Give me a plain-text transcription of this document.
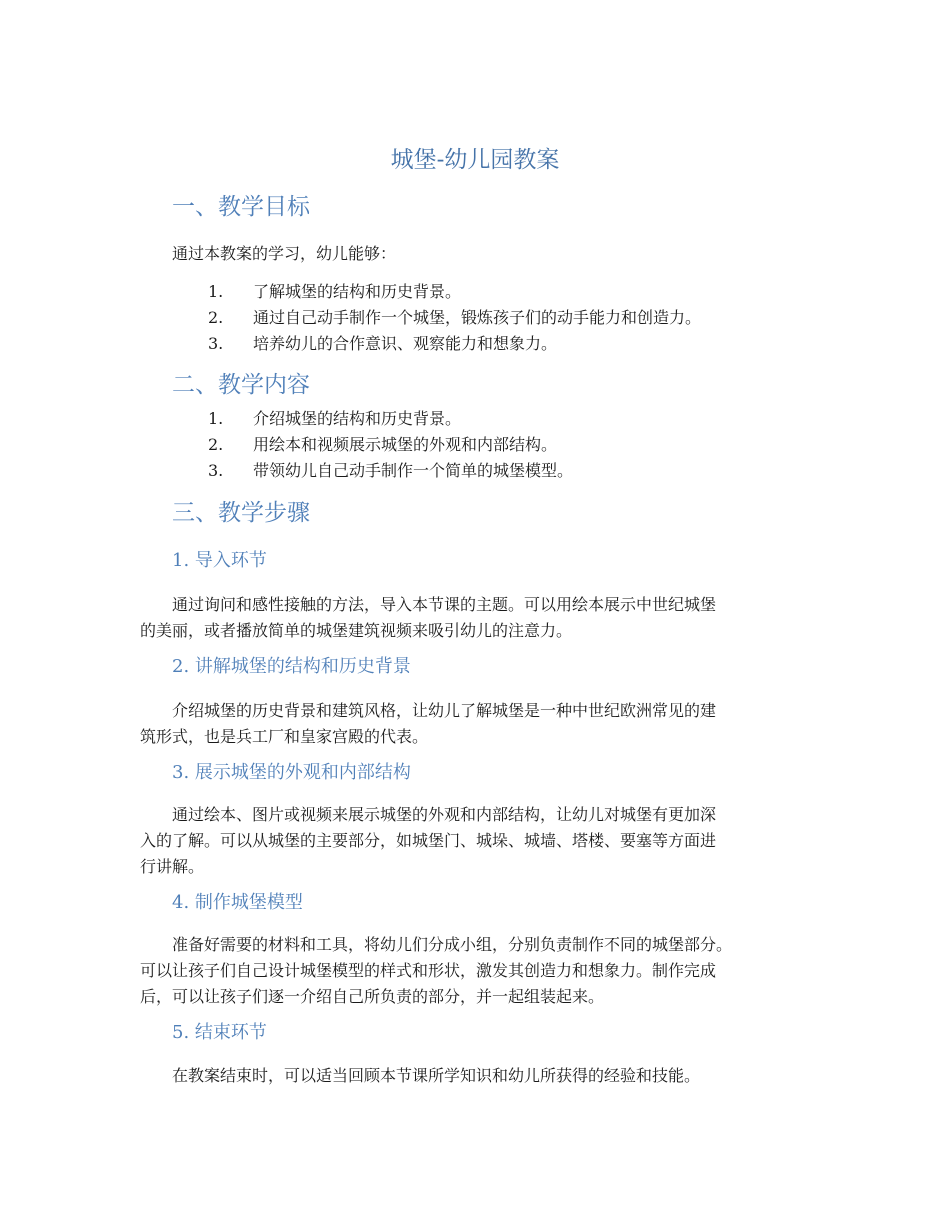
城堡-幼儿园教案
一、教学目标
通过本教案的学习，幼儿能够：
1. 了解城堡的结构和历史背景。
2. 通过自己动手制作一个城堡，锻炼孩子们的动手能力和创造力。
3. 培养幼儿的合作意识、观察能力和想象力。
二、教学内容
1. 介绍城堡的结构和历史背景。
2. 用绘本和视频展示城堡的外观和内部结构。
3. 带领幼儿自己动手制作一个简单的城堡模型。
三、教学步骤
1. 导入环节
通过询问和感性接触的方法，导入本节课的主题。可以用绘本展示中世纪城堡
的美丽，或者播放简单的城堡建筑视频来吸引幼儿的注意力。
2. 讲解城堡的结构和历史背景
介绍城堡的历史背景和建筑风格，让幼儿了解城堡是一种中世纪欧洲常见的建
筑形式，也是兵工厂和皇家宫殿的代表。
3. 展示城堡的外观和内部结构
通过绘本、图片或视频来展示城堡的外观和内部结构，让幼儿对城堡有更加深
入的了解。可以从城堡的主要部分，如城堡门、城垛、城墙、塔楼、要塞等方面进
行讲解。
4. 制作城堡模型
准备好需要的材料和工具，将幼儿们分成小组，分别负责制作不同的城堡部分。
可以让孩子们自己设计城堡模型的样式和形状，激发其创造力和想象力。制作完成
后，可以让孩子们逐一介绍自己所负责的部分，并一起组装起来。
5. 结束环节
在教案结束时，可以适当回顾本节课所学知识和幼儿所获得的经验和技能。
